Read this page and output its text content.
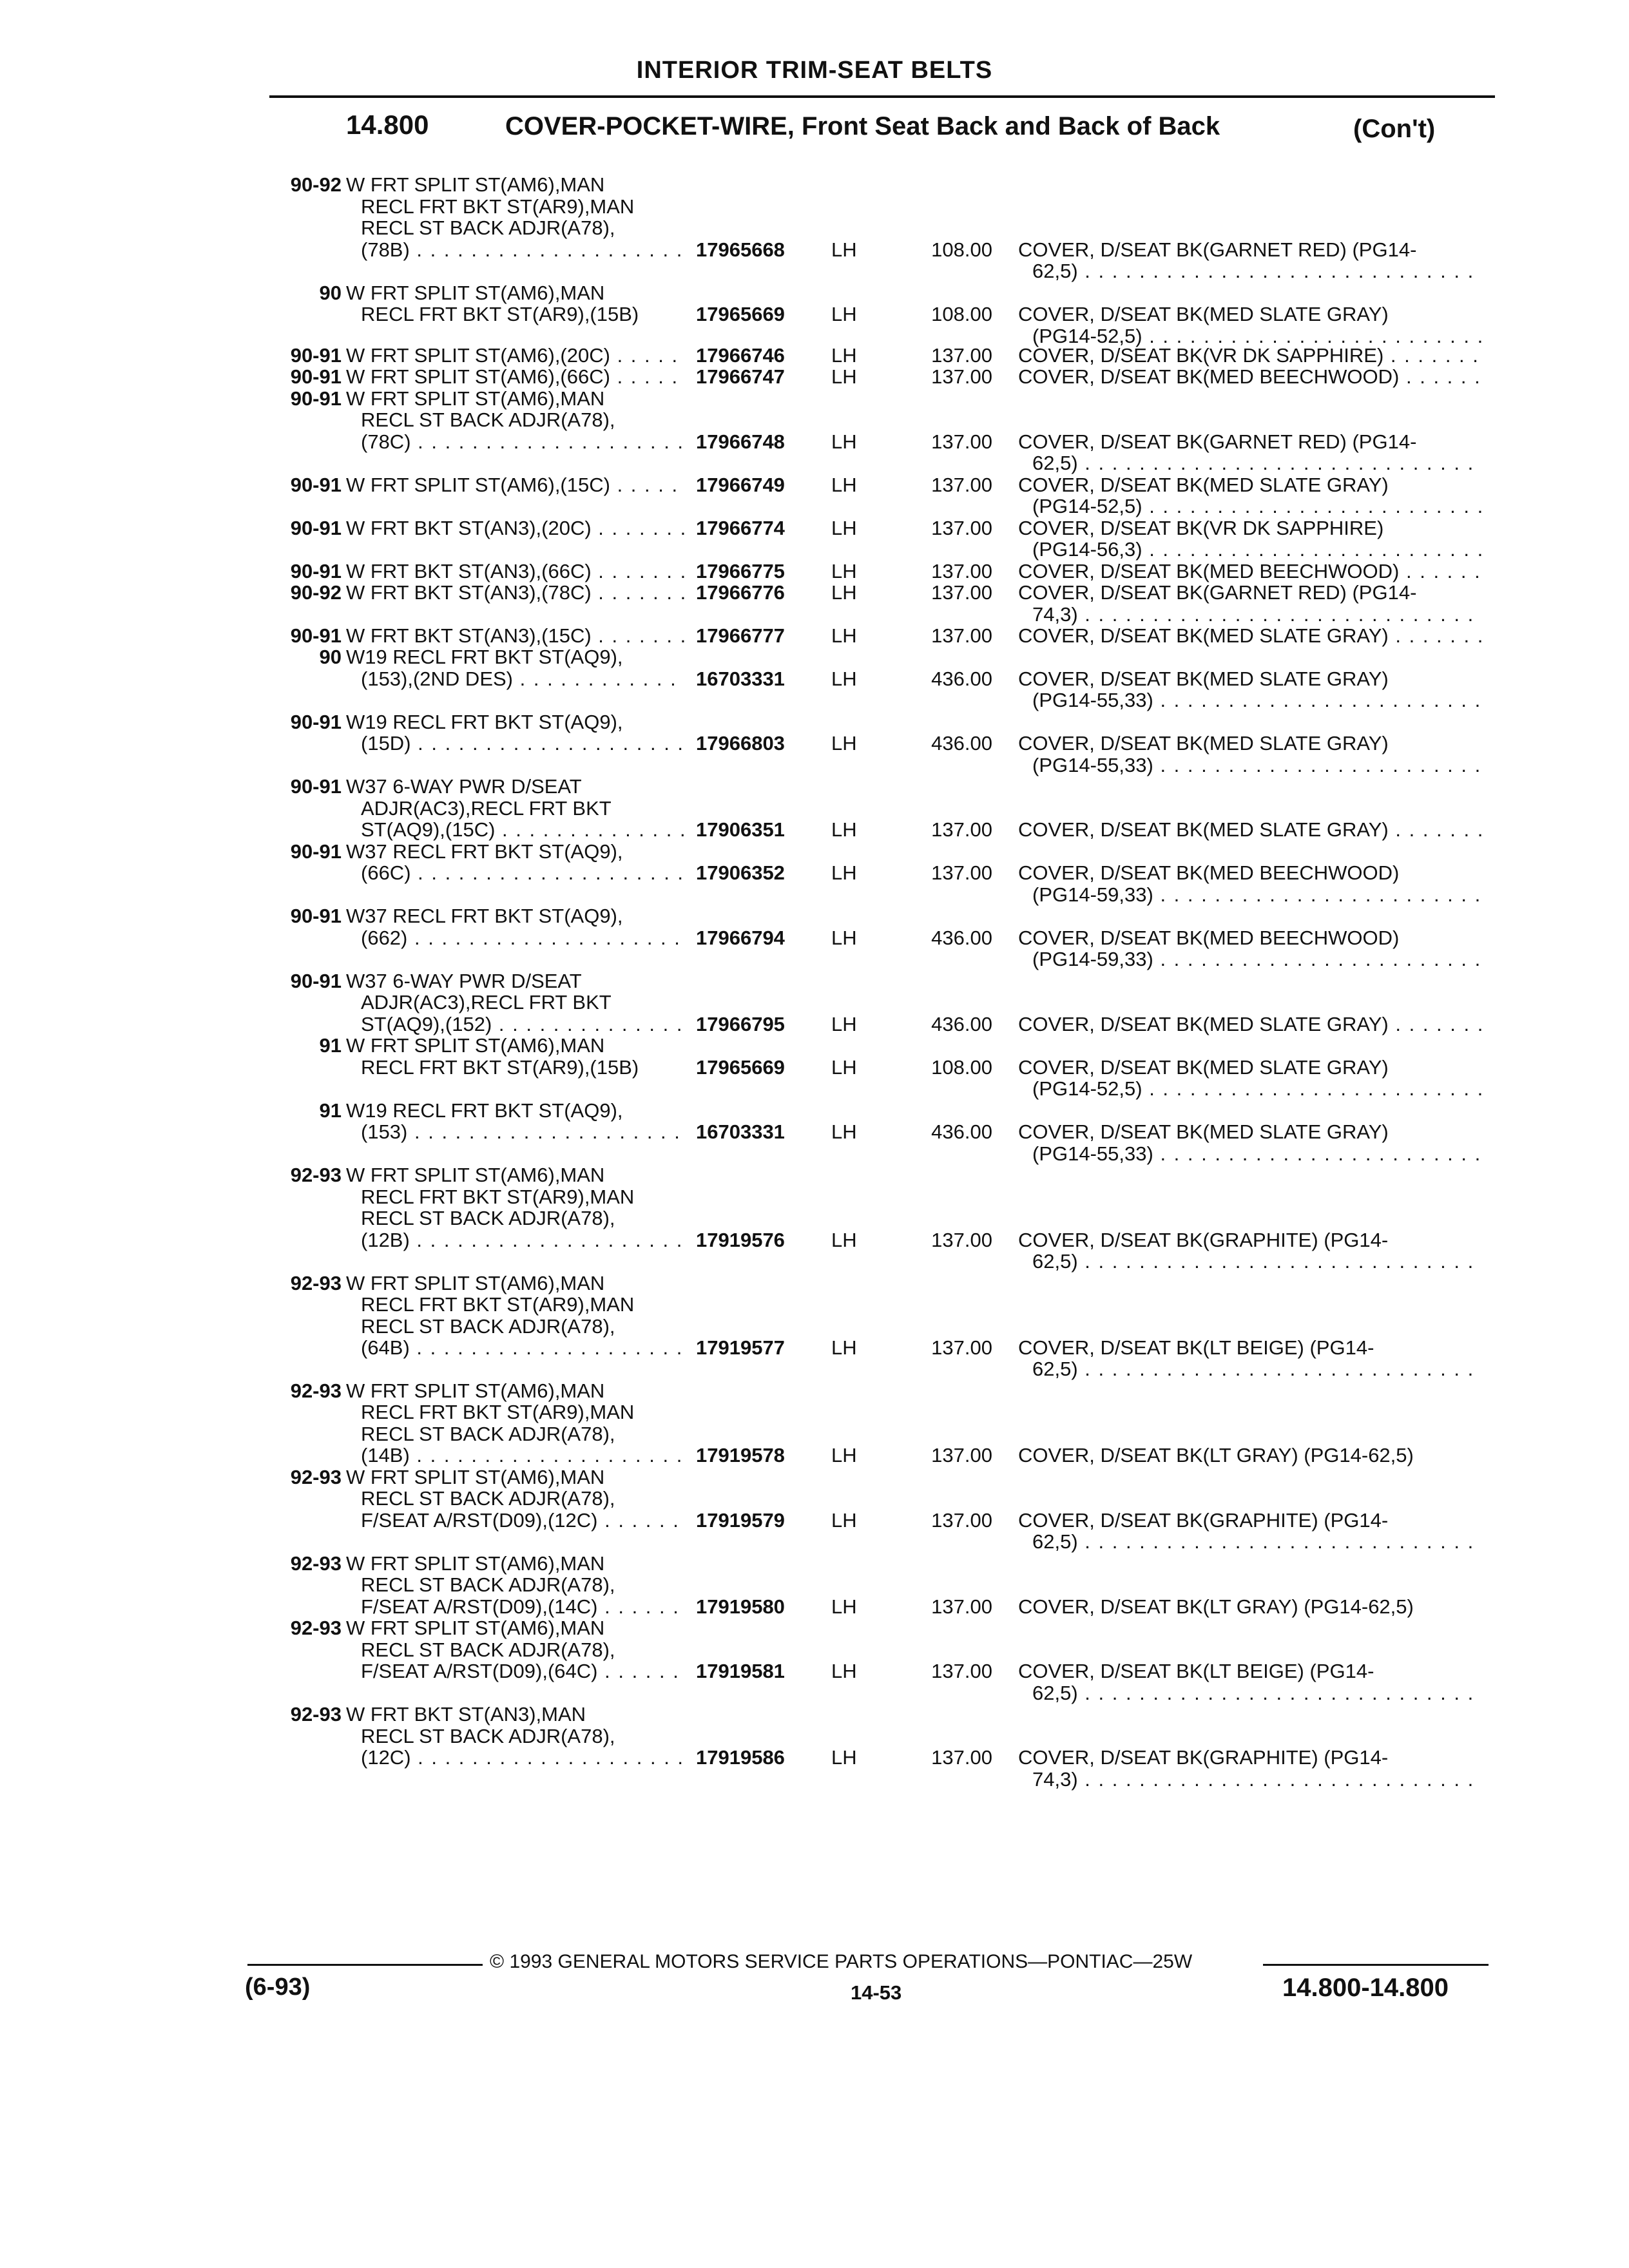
INTERIOR TRIM-SEAT BELTS
14.800	COVER-POCKET-WIRE, Front Seat Back and Back of Back	(Con't)
90-92 W FRT SPLIT ST(AM6),MAN
RECL FRT BKT ST(AR9),MAN
RECL ST BACK ADJR(A78),
(78B) . . .	17965668	LH	108.00 COVER, D/SEAT BK(GARNET RED) (PG14-
62,5) . . .
90 W FRT SPLIT ST(AM6),MAN
RECL FRT BKT ST(AR9),(15B)	17965669	LH	108.00 COVER, D/SEAT BK(MED SLATE GRAY)
(PG14-52,5) . . .
90-91 W FRT SPLIT ST(AM6),(20C) . . .	17966746	LH	137.00 COVER, D/SEAT BK(VR DK SAPPHIRE) . . .
90-91 W FRT SPLIT ST(AM6),(66C) . . .	17966747	LH	137.00 COVER, D/SEAT BK(MED BEECHWOOD) . . .
90-91 W FRT SPLIT ST(AM6),MAN
RECL ST BACK ADJR(A78),
(78C) . . .	17966748	LH	137.00 COVER, D/SEAT BK(GARNET RED) (PG14-
62,5) . . .
90-91 W FRT SPLIT ST(AM6),(15C) . . .	17966749	LH	137.00 COVER, D/SEAT BK(MED SLATE GRAY)
(PG14-52,5) . . .
90-91 W FRT BKT ST(AN3),(20C) . . .	17966774	LH	137.00 COVER, D/SEAT BK(VR DK SAPPHIRE)
(PG14-56,3) . . .
90-91 W FRT BKT ST(AN3),(66C) . . .	17966775	LH	137.00 COVER, D/SEAT BK(MED BEECHWOOD) . . .
90-92 W FRT BKT ST(AN3),(78C) . . .	17966776	LH	137.00 COVER, D/SEAT BK(GARNET RED) (PG14-
74,3) . . .
90-91 W FRT BKT ST(AN3),(15C) . . .	17966777	LH	137.00 COVER, D/SEAT BK(MED SLATE GRAY) . . .
90 W19 RECL FRT BKT ST(AQ9),
(153),(2ND DES) . . .	16703331	LH	436.00 COVER, D/SEAT BK(MED SLATE GRAY)
(PG14-55,33) . . .
90-91 W19 RECL FRT BKT ST(AQ9),
(15D) . . .	17966803	LH	436.00 COVER, D/SEAT BK(MED SLATE GRAY)
(PG14-55,33) . . .
90-91 W37 6-WAY PWR D/SEAT
ADJR(AC3),RECL FRT BKT
ST(AQ9),(15C) . . .	17906351	LH	137.00 COVER, D/SEAT BK(MED SLATE GRAY) . . .
90-91 W37 RECL FRT BKT ST(AQ9),
(66C) . . .	17906352	LH	137.00 COVER, D/SEAT BK(MED BEECHWOOD)
(PG14-59,33) . . .
90-91 W37 RECL FRT BKT ST(AQ9),
(662) . . .	17966794	LH	436.00 COVER, D/SEAT BK(MED BEECHWOOD)
(PG14-59,33) . . .
90-91 W37 6-WAY PWR D/SEAT
ADJR(AC3),RECL FRT BKT
ST(AQ9),(152) . . .	17966795	LH	436.00 COVER, D/SEAT BK(MED SLATE GRAY) . . .
91 W FRT SPLIT ST(AM6),MAN
RECL FRT BKT ST(AR9),(15B)	17965669	LH	108.00 COVER, D/SEAT BK(MED SLATE GRAY)
(PG14-52,5) . . .
91 W19 RECL FRT BKT ST(AQ9),
(153) . . .	16703331	LH	436.00 COVER, D/SEAT BK(MED SLATE GRAY)
(PG14-55,33) . . .
92-93 W FRT SPLIT ST(AM6),MAN
RECL FRT BKT ST(AR9),MAN
RECL ST BACK ADJR(A78),
(12B) . . .	17919576	LH	137.00 COVER, D/SEAT BK(GRAPHITE) (PG14-
62,5) . . .
92-93 W FRT SPLIT ST(AM6),MAN
RECL FRT BKT ST(AR9),MAN
RECL ST BACK ADJR(A78),
(64B) . . .	17919577	LH	137.00 COVER, D/SEAT BK(LT BEIGE) (PG14-
62,5) . . .
92-93 W FRT SPLIT ST(AM6),MAN
RECL FRT BKT ST(AR9),MAN
RECL ST BACK ADJR(A78),
(14B) . . .	17919578	LH	137.00 COVER, D/SEAT BK(LT GRAY) (PG14-62,5)
92-93 W FRT SPLIT ST(AM6),MAN
RECL ST BACK ADJR(A78),
F/SEAT A/RST(D09),(12C) . . .	17919579	LH	137.00 COVER, D/SEAT BK(GRAPHITE) (PG14-
62,5) . . .
92-93 W FRT SPLIT ST(AM6),MAN
RECL ST BACK ADJR(A78),
F/SEAT A/RST(D09),(14C) . . .	17919580	LH	137.00 COVER, D/SEAT BK(LT GRAY) (PG14-62,5)
92-93 W FRT SPLIT ST(AM6),MAN
RECL ST BACK ADJR(A78),
F/SEAT A/RST(D09),(64C) . . .	17919581	LH	137.00 COVER, D/SEAT BK(LT BEIGE) (PG14-
62,5) . . .
92-93 W FRT BKT ST(AN3),MAN
RECL ST BACK ADJR(A78),
(12C) . . .	17919586	LH	137.00 COVER, D/SEAT BK(GRAPHITE) (PG14-
74,3) . . .
© 1993 GENERAL MOTORS SERVICE PARTS OPERATIONS—PONTIAC—25W
(6-93)	14-53	14.800-14.800
